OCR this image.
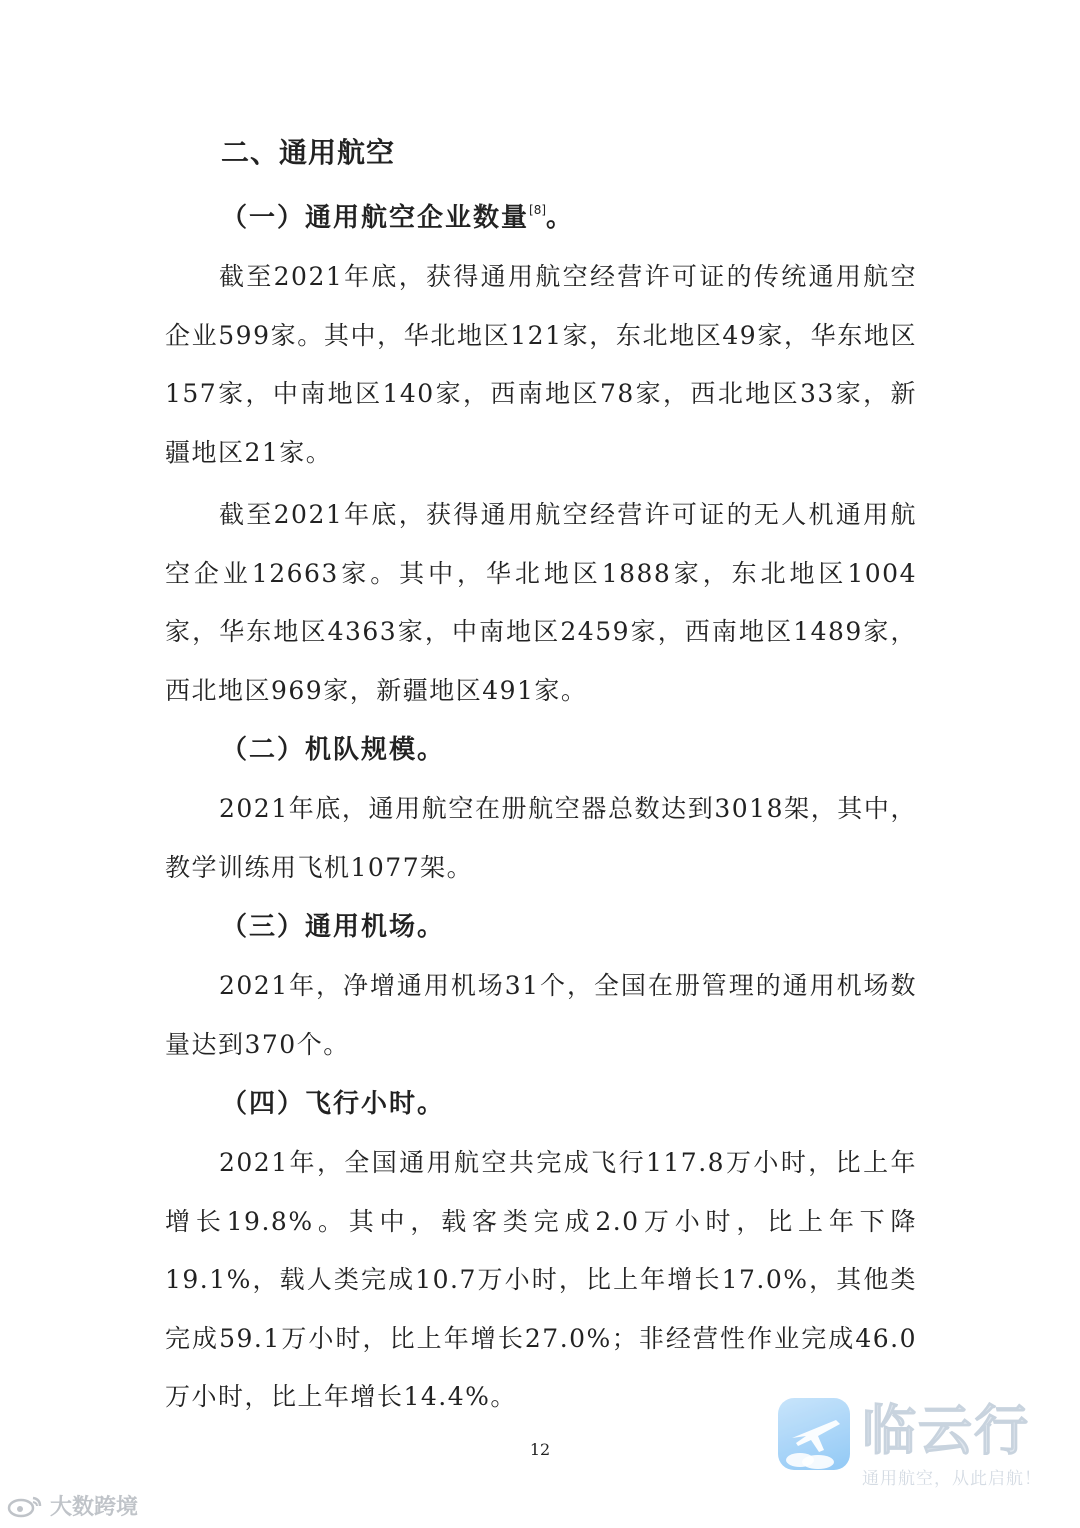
二、通用航空
（一）通用航空企业数量[8]。

截至2021年底，获得通用航空经营许可证的传统通用航空企业599家。其中，华北地区121家，东北地区49家，华东地区157家，中南地区140家，西南地区78家，西北地区33家，新疆地区21家。

截至2021年底，获得通用航空经营许可证的无人机通用航空企业12663家。其中，华北地区1888家，东北地区1004家，华东地区4363家，中南地区2459家，西南地区1489家，西北地区969家，新疆地区491家。

（二）机队规模。

2021年底，通用航空在册航空器总数达到3018架，其中，教学训练用飞机1077架。

（三）通用机场。

2021年，净增通用机场31个，全国在册管理的通用机场数量达到370个。

（四）飞行小时。

2021年，全国通用航空共完成飞行117.8万小时，比上年增长19.8%。其中，载客类完成2.0万小时，比上年下降19.1%，载人类完成10.7万小时，比上年增长17.0%，其他类完成59.1万小时，比上年增长27.0%；非经营性作业完成46.0万小时，比上年增长14.4%。

12
大数跨境
临云行
通用航空，从此启航！
